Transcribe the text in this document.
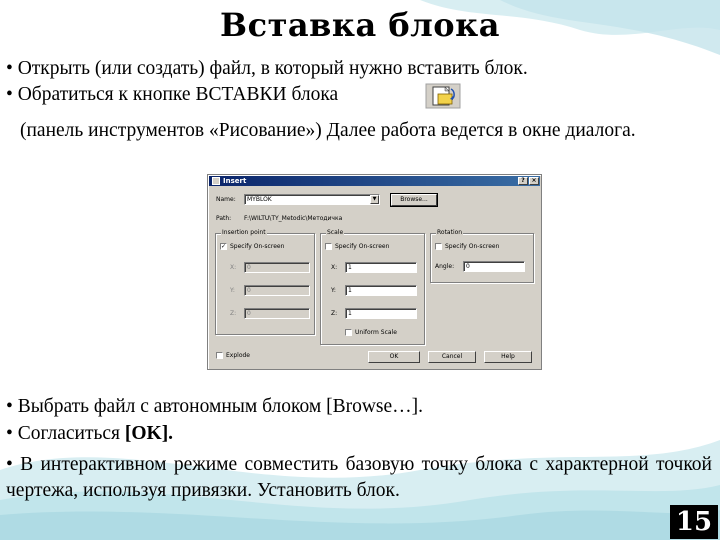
Вставка блока
• Открыть (или создать) файл, в который нужно вставить блок.
• Обратиться к кнопке ВСТАВКИ блока
(панель инструментов «Рисование») Далее работа ведется в окне диалога.
Insert	?	×
Name:	MYBLOK	▼	Browse...
Path: F:\WILTU\TY_Metodic\Методичка
Insertion point
✓ Specify On-screen
X:	0
Y:	0
Z:	0
Scale
Specify On-screen
X:	1
Y:	1
Z:	1
Uniform Scale
Rotation
Specify On-screen
Angle:	0
Explode	OK	Cancel	Help
• Выбрать файл с автономным блоком [Browse…].
• Согласиться [OK].
• В интерактивном режиме совместить базовую точку блока с характерной точкой чертежа, используя привязки. Установить блок.
15
